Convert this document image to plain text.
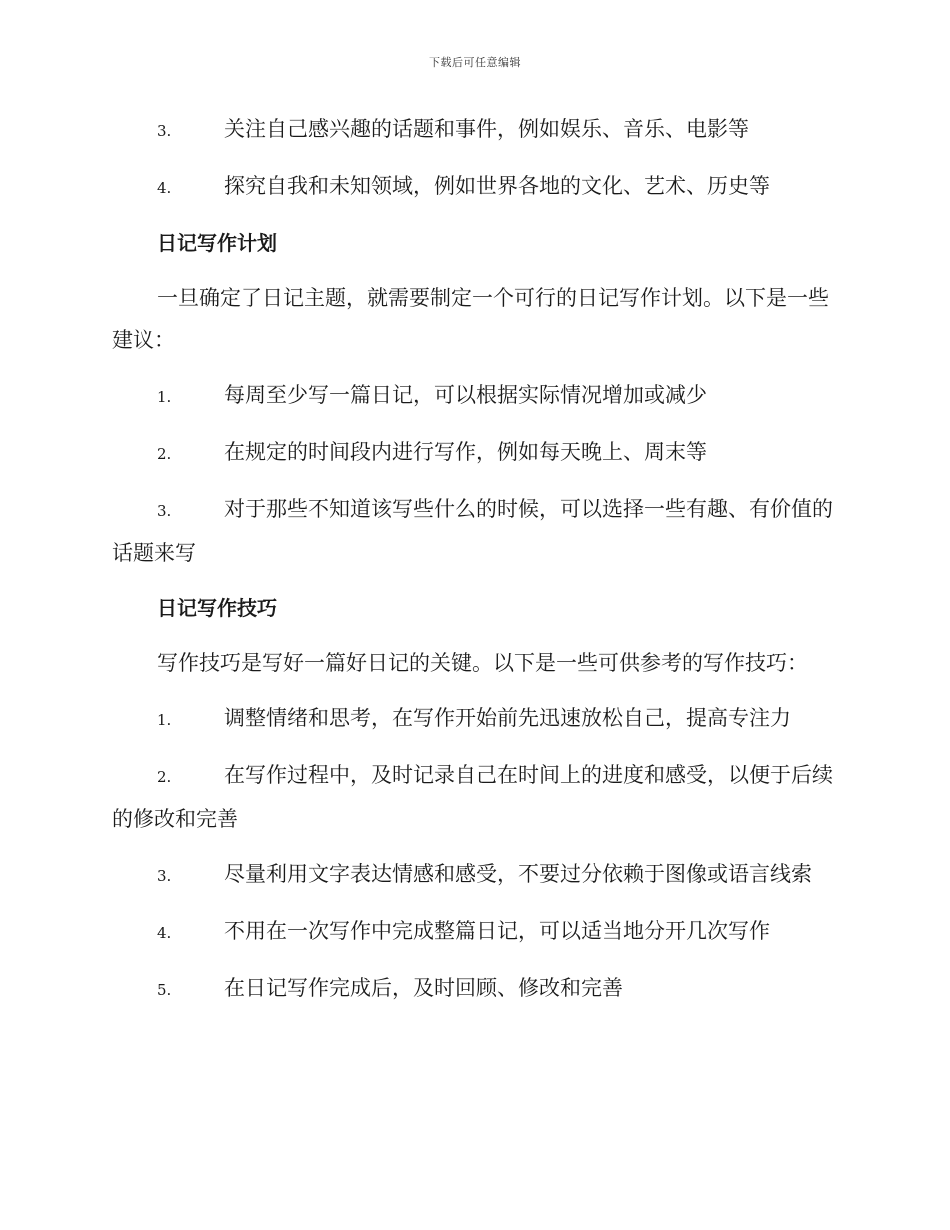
下载后可任意编辑

3.	关注自己感兴趣的话题和事件，例如娱乐、音乐、电影等

4.	探究自我和未知领域，例如世界各地的文化、艺术、历史等

日记写作计划

一旦确定了日记主题，就需要制定一个可行的日记写作计划。以下是一些建议：

1.	每周至少写一篇日记，可以根据实际情况增加或减少

2.	在规定的时间段内进行写作，例如每天晚上、周末等

3.	对于那些不知道该写些什么的时候，可以选择一些有趣、有价值的话题来写

日记写作技巧

写作技巧是写好一篇好日记的关键。以下是一些可供参考的写作技巧：

1.	调整情绪和思考，在写作开始前先迅速放松自己，提高专注力

2.	在写作过程中，及时记录自己在时间上的进度和感受，以便于后续的修改和完善

3.	尽量利用文字表达情感和感受，不要过分依赖于图像或语言线索

4.	不用在一次写作中完成整篇日记，可以适当地分开几次写作

5.	在日记写作完成后，及时回顾、修改和完善
